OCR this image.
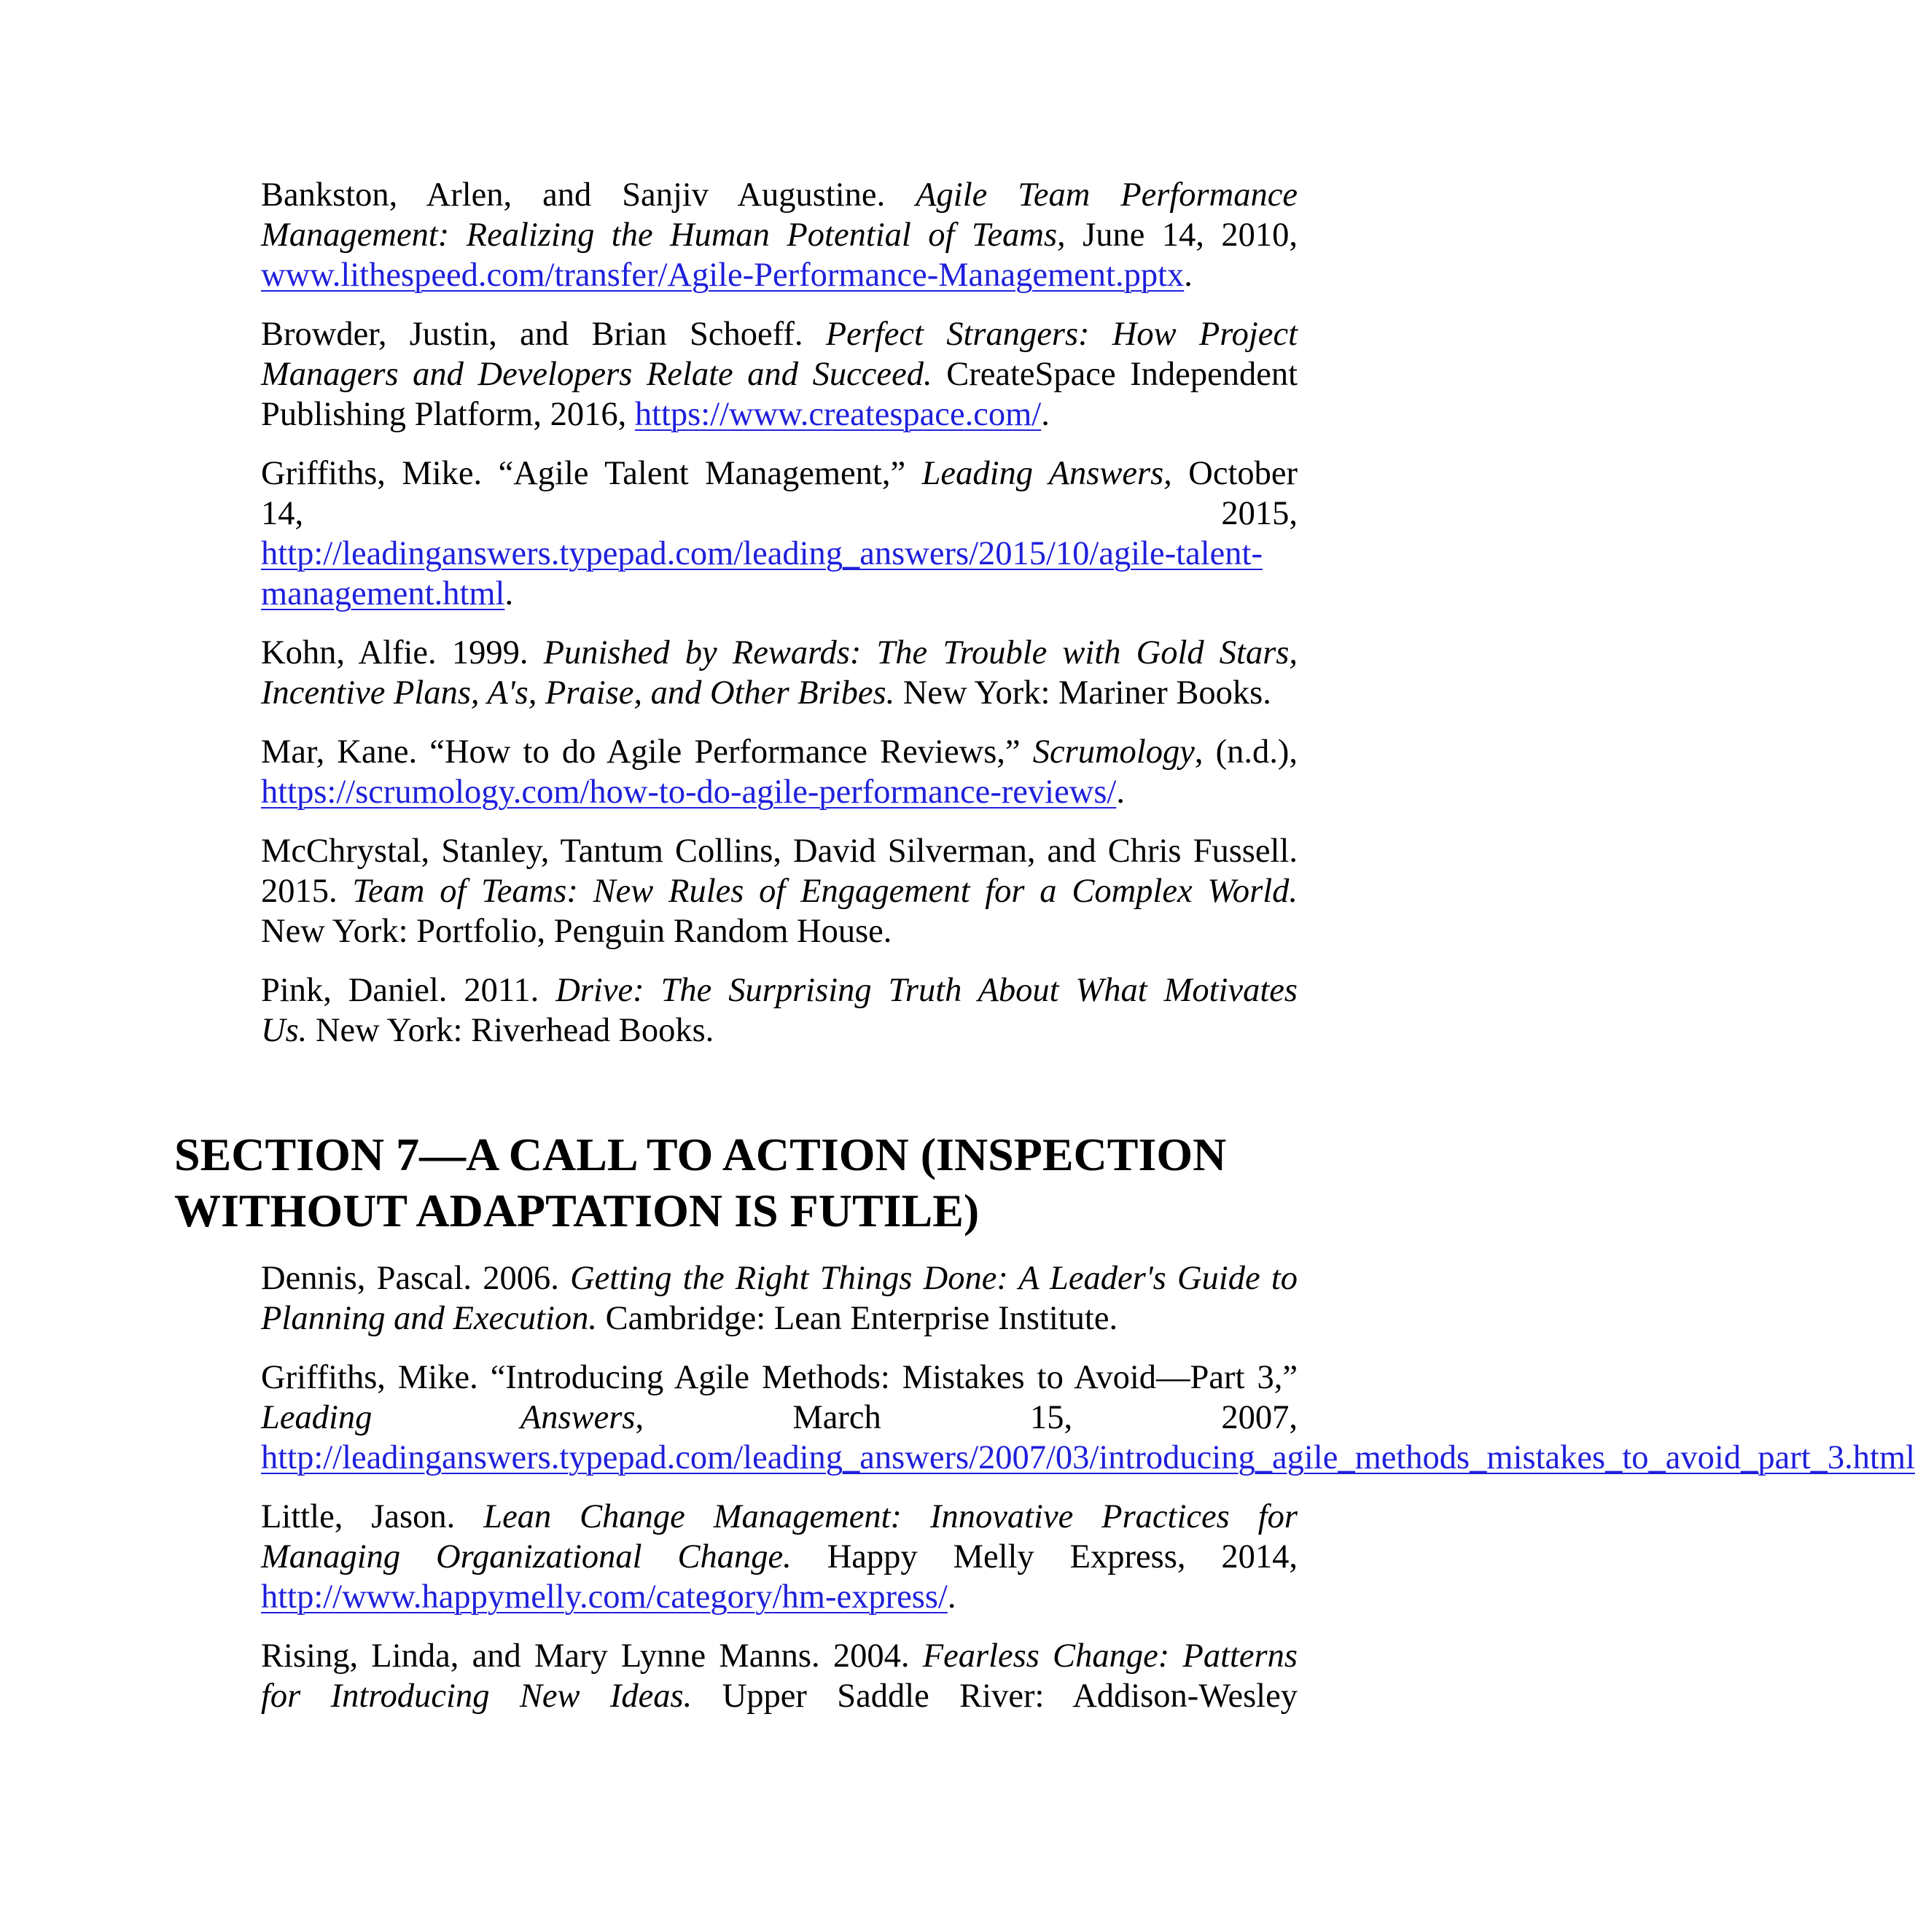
Bankston, Arlen, and Sanjiv Augustine. Agile Team Performance
Management: Realizing the Human Potential of Teams, June 14, 2010,
www.lithespeed.com/transfer/Agile-Performance-Management.pptx.
Browder, Justin, and Brian Schoeff. Perfect Strangers: How Project
Managers and Developers Relate and Succeed. CreateSpace Independent
Publishing Platform, 2016, https://www.createspace.com/.
Griffiths, Mike. “Agile Talent Management,” Leading Answers, October
14,	2015,
http://leadinganswers.typepad.com/leading_answers/2015/10/agile-talent-
management.html.
Kohn, Alfie. 1999. Punished by Rewards: The Trouble with Gold Stars,
Incentive Plans, A's, Praise, and Other Bribes. New York: Mariner Books.
Mar, Kane. “How to do Agile Performance Reviews,” Scrumology, (n.d.),
https://scrumology.com/how-to-do-agile-performance-reviews/.
McChrystal, Stanley, Tantum Collins, David Silverman, and Chris Fussell.
2015. Team of Teams: New Rules of Engagement for a Complex World.
New York: Portfolio, Penguin Random House.
Pink, Daniel. 2011. Drive: The Surprising Truth About What Motivates
Us. New York: Riverhead Books.
SECTION 7—A CALL TO ACTION (INSPECTION
WITHOUT ADAPTATION IS FUTILE)
Dennis, Pascal. 2006. Getting the Right Things Done: A Leader's Guide to
Planning and Execution. Cambridge: Lean Enterprise Institute.
Griffiths, Mike. “Introducing Agile Methods: Mistakes to Avoid—Part 3,”
Leading Answers, March 15, 2007,
http://leadinganswers.typepad.com/leading_answers/2007/03/introducing_agile_methods_mistakes_to_avoid_part_3.html
Little, Jason. Lean Change Management: Innovative Practices for
Managing Organizational Change. Happy Melly Express, 2014,
http://www.happymelly.com/category/hm-express/.
Rising, Linda, and Mary Lynne Manns. 2004. Fearless Change: Patterns
for Introducing New Ideas. Upper Saddle River: Addison-Wesley
